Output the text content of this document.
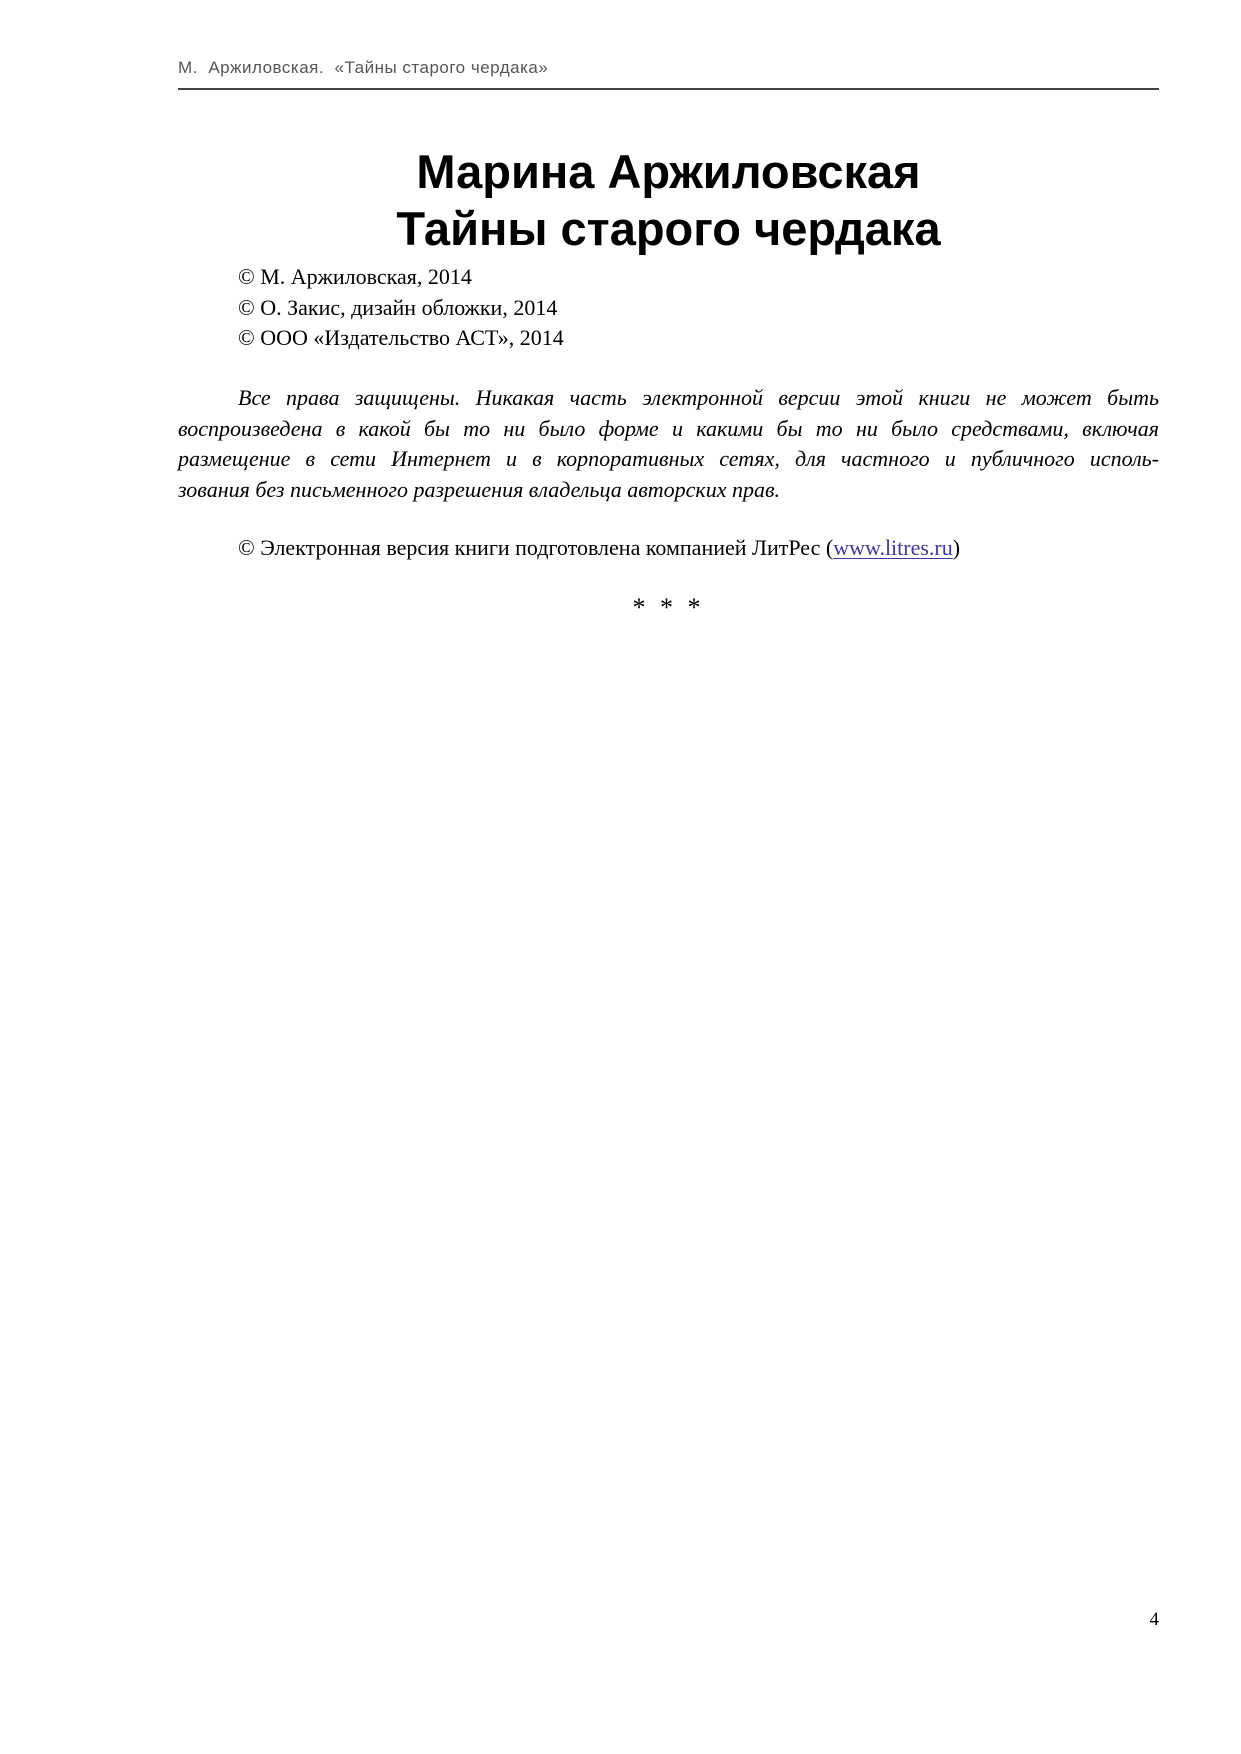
М.  Аржиловская.  «Тайны старого чердака»
Марина Аржиловская
Тайны старого чердака
© М. Аржиловская, 2014
© О. Закис, дизайн обложки, 2014
© ООО «Издательство АСТ», 2014
Все права защищены. Никакая часть электронной версии этой книги не может быть
воспроизведена в какой бы то ни было форме и какими бы то ни было средствами, включая
размещение в сети Интернет и в корпоративных сетях, для частного и публичного исполь-
зования без письменного разрешения владельца авторских прав.
© Электронная версия книги подготовлена компанией ЛитРес (www.litres.ru)
* * *
4
